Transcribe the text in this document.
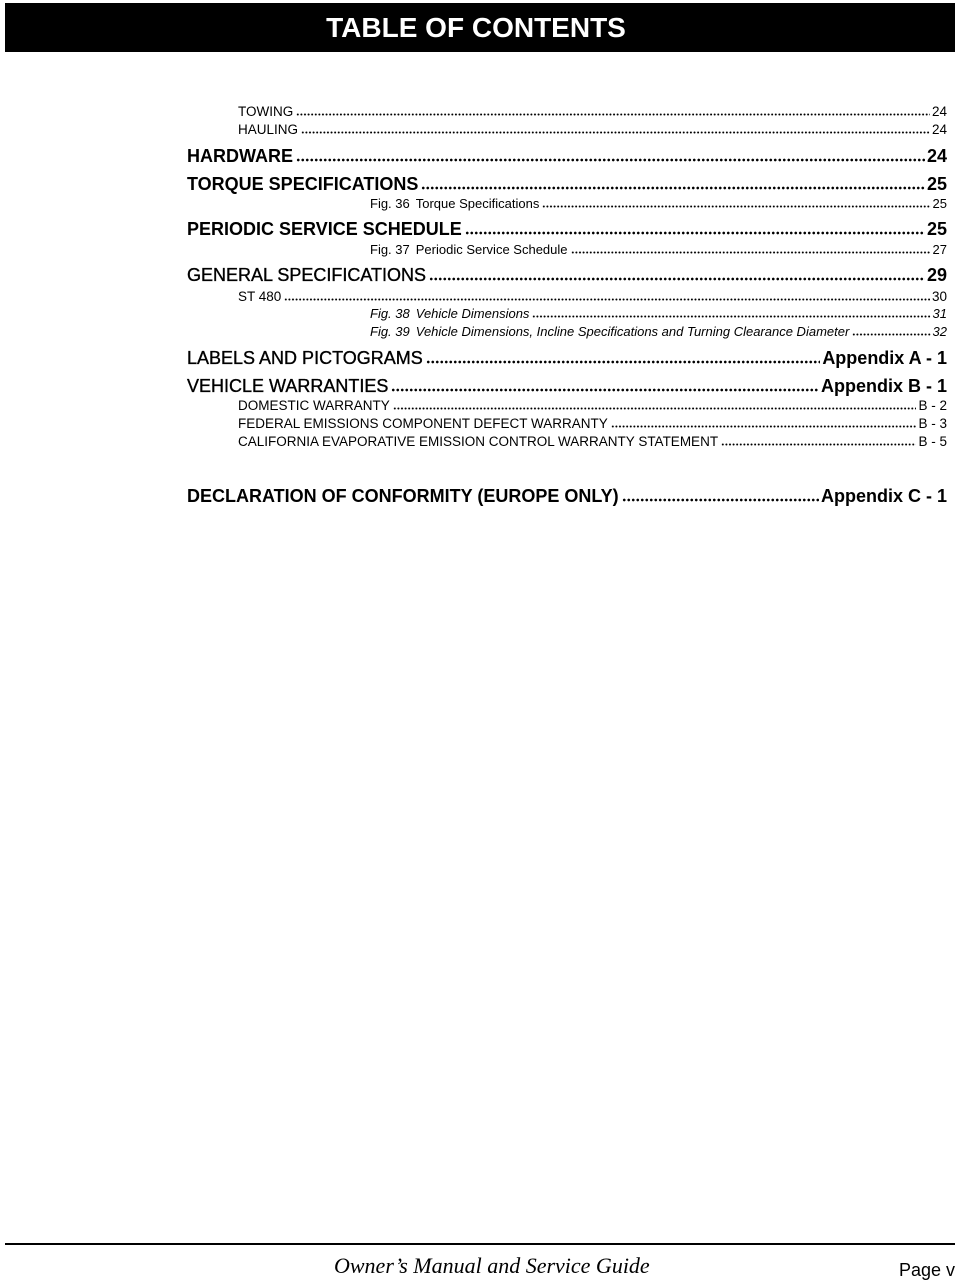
TABLE OF CONTENTS
TOWING	24
HAULING	24
HARDWARE	24
TORQUE SPECIFICATIONS	25
Fig. 36 Torque Specifications	25
PERIODIC SERVICE SCHEDULE	25
Fig. 37 Periodic Service Schedule	27
GENERAL SPECIFICATIONS	29
ST 480	30
Fig. 38 Vehicle Dimensions	31
Fig. 39 Vehicle Dimensions, Incline Specifications and Turning Clearance Diameter	32
LABELS AND PICTOGRAMS	Appendix A - 1
VEHICLE WARRANTIES	Appendix B - 1
DOMESTIC WARRANTY	B - 2
FEDERAL EMISSIONS COMPONENT DEFECT WARRANTY	B - 3
CALIFORNIA EVAPORATIVE EMISSION CONTROL WARRANTY STATEMENT	B - 5
DECLARATION OF CONFORMITY (EUROPE ONLY)	Appendix C - 1
Owner’s Manual and Service Guide	Page v
